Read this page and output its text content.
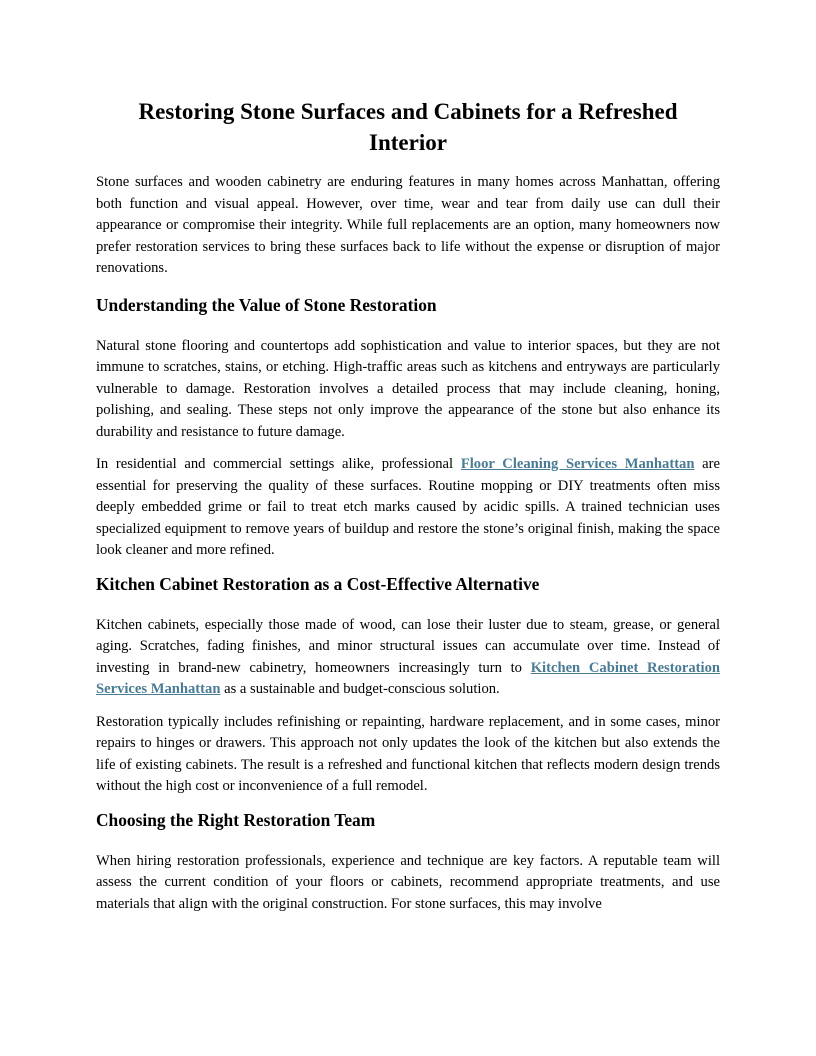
Restoring Stone Surfaces and Cabinets for a Refreshed Interior

Stone surfaces and wooden cabinetry are enduring features in many homes across Manhattan, offering both function and visual appeal. However, over time, wear and tear from daily use can dull their appearance or compromise their integrity. While full replacements are an option, many homeowners now prefer restoration services to bring these surfaces back to life without the expense or disruption of major renovations.

Understanding the Value of Stone Restoration

Natural stone flooring and countertops add sophistication and value to interior spaces, but they are not immune to scratches, stains, or etching. High-traffic areas such as kitchens and entryways are particularly vulnerable to damage. Restoration involves a detailed process that may include cleaning, honing, polishing, and sealing. These steps not only improve the appearance of the stone but also enhance its durability and resistance to future damage.

In residential and commercial settings alike, professional Floor Cleaning Services Manhattan are essential for preserving the quality of these surfaces. Routine mopping or DIY treatments often miss deeply embedded grime or fail to treat etch marks caused by acidic spills. A trained technician uses specialized equipment to remove years of buildup and restore the stone’s original finish, making the space look cleaner and more refined.

Kitchen Cabinet Restoration as a Cost-Effective Alternative

Kitchen cabinets, especially those made of wood, can lose their luster due to steam, grease, or general aging. Scratches, fading finishes, and minor structural issues can accumulate over time. Instead of investing in brand-new cabinetry, homeowners increasingly turn to Kitchen Cabinet Restoration Services Manhattan as a sustainable and budget-conscious solution.

Restoration typically includes refinishing or repainting, hardware replacement, and in some cases, minor repairs to hinges or drawers. This approach not only updates the look of the kitchen but also extends the life of existing cabinets. The result is a refreshed and functional kitchen that reflects modern design trends without the high cost or inconvenience of a full remodel.

Choosing the Right Restoration Team

When hiring restoration professionals, experience and technique are key factors. A reputable team will assess the current condition of your floors or cabinets, recommend appropriate treatments, and use materials that align with the original construction. For stone surfaces, this may involve
